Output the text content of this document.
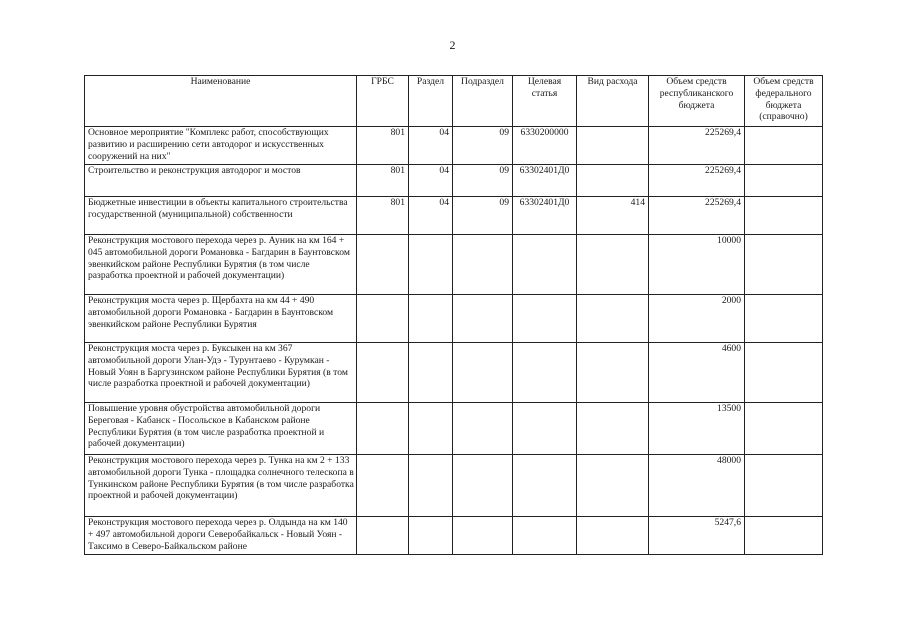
2
Наименование	ГРБС	Раздел	Подраздел	Целевая статья	Вид расхода	Объем средств республиканского бюджета	Объем средств федерального бюджета (справочно)
Основное мероприятие "Комплекс работ, способствующих развитию и расширению сети автодорог и искусственных сооружений на них"	801	04	09	6330200000		225269,4	
Строительство и реконструкция автодорог и мостов	801	04	09	63302401Д0		225269,4	
Бюджетные инвестиции в объекты капитального строительства государственной (муниципальной) собственности	801	04	09	63302401Д0	414	225269,4	
Реконструкция мостового перехода через р. Ауник на км 164 + 045 автомобильной дороги Романовка - Багдарин в Баунтовском эвенкийском районе Республики Бурятия (в том числе разработка проектной и рабочей документации)						10000	
Реконструкция моста через р. Щербахта на км 44 + 490 автомобильной дороги Романовка - Багдарин в Баунтовском эвенкийском районе Республики Бурятия						2000	
Реконструкция моста через р. Буксыкен на км 367 автомобильной дороги Улан-Удэ - Турунтаево - Курумкан - Новый Уоян в Баргузинском районе Республики Бурятия (в том числе разработка проектной и рабочей документации)						4600	
Повышение уровня обустройства автомобильной дороги Береговая - Кабанск - Посольское в Кабанском районе Республики Бурятия (в том числе разработка проектной и рабочей документации)						13500	
Реконструкция мостового перехода через р. Тунка на км 2 + 133 автомобильной дороги Тунка - площадка солнечного телескопа в Тункинском районе Республики Бурятия (в том числе разработка проектной и рабочей документации)						48000	
Реконструкция мостового перехода через р. Олдында на км 140 + 497 автомобильной дороги Северобайкальск - Новый Уоян - Таксимо в Северо-Байкальском районе						5247,6	
